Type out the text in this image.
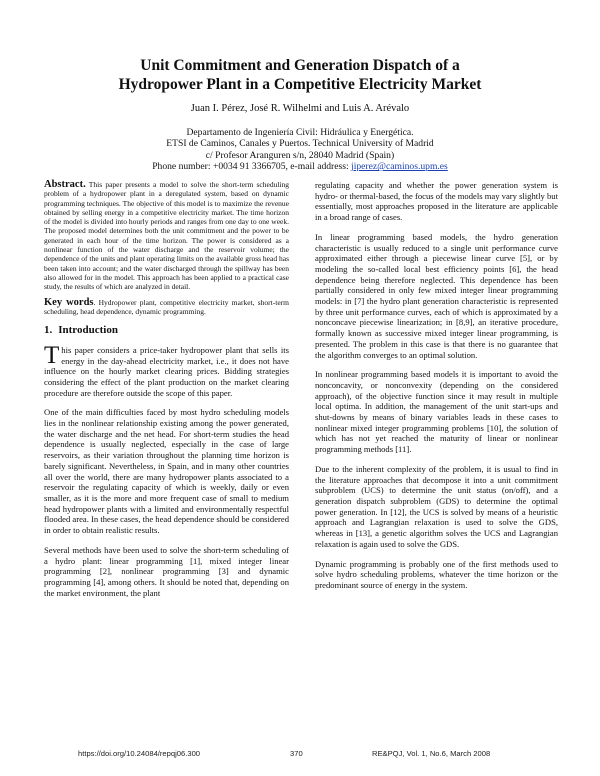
Unit Commitment and Generation Dispatch of a
Hydropower Plant in a Competitive Electricity Market
Juan I. Pérez, José R. Wilhelmi and Luis A. Arévalo
Departamento de Ingeniería Civil: Hidráulica y Energética.
ETSI de Caminos, Canales y Puertos. Technical University of Madrid
c/ Profesor Aranguren s/n, 28040 Madrid (Spain)
Phone number: +0034 91 3366705, e-mail address: jiperez@caminos.upm.es

Abstract. This paper presents a model to solve the short-term scheduling problem of a hydropower plant in a deregulated system, based on dynamic programming techniques. The objective of this model is to maximize the revenue obtained by selling energy in a competitive electricity market. The time horizon of the model is divided into hourly periods and ranges from one day to one week. The proposed model determines both the unit commitment and the power to be generated in each hour of the time horizon. The power is considered as a nonlinear function of the water discharge and the reservoir volume; the dependence of the units and plant operating limits on the available gross head has been taken into account; and the water discharged through the spillway has been also allowed for in the model. This approach has been applied to a practical case study, the results of which are analyzed in detail.

Key words. Hydropower plant, competitive electricity market, short-term scheduling, head dependence, dynamic programming.

1. Introduction

This paper considers a price-taker hydropower plant that sells its energy in the day-ahead electricity market, i.e., it does not have influence on the hourly market clearing prices. Bidding strategies considering the effect of the plant production on the market clearing procedure are therefore outside the scope of this paper.

One of the main difficulties faced by most hydro scheduling models lies in the nonlinear relationship existing among the power generated, the water discharge and the net head. For short-term studies the head dependence is usually neglected, especially in the case of large reservoirs, as their variation throughout the planning time horizon is barely significant. Nevertheless, in Spain, and in many other countries all over the world, there are many hydropower plants associated to a reservoir the regulating capacity of which is weekly, daily or even smaller, as it is the more and more frequent case of small to medium head hydropower plants with a limited and environmentally respectful flooded area. In these cases, the head dependence should be considered in order to obtain realistic results.

Several methods have been used to solve the short-term scheduling of a hydro plant: linear programming [1], mixed integer linear programming [2], nonlinear programming [3] and dynamic programming [4], among others. It should be noted that, depending on the market environment, the plant

regulating capacity and whether the power generation system is hydro- or thermal-based, the focus of the models may vary slightly but essentially, most approaches proposed in the literature are applicable in a broad range of cases.

In linear programming based models, the hydro generation characteristic is usually reduced to a single unit performance curve approximated either through a piecewise linear curve [5], or by modeling the so-called local best efficiency points [6], the head dependence being therefore neglected. This dependence has been partially considered in only few mixed integer linear programming models: in [7] the hydro plant generation characteristic is represented by three unit performance curves, each of which is approximated by a nonconcave piecewise linearization; in [8,9], an iterative procedure, formally known as successive mixed integer linear programming, is presented. The problem in this case is that there is no guarantee that the algorithm converges to an optimal solution.

In nonlinear programming based models it is important to avoid the nonconcavity, or nonconvexity (depending on the considered approach), of the objective function since it may result in multiple local optima. In addition, the management of the unit start-ups and shut-downs by means of binary variables leads in these cases to nonlinear mixed integer programming problems [10], the solution of which has not yet reached the maturity of linear or nonlinear programming methods [11].

Due to the inherent complexity of the problem, it is usual to find in the literature approaches that decompose it into a unit commitment subproblem (UCS) to determine the unit status (on/off), and a generation dispatch subproblem (GDS) to determine the optimal power generation. In [12], the UCS is solved by means of a heuristic approach and Lagrangian relaxation is used to solve the GDS, whereas in [13], a genetic algorithm solves the UCS and Lagrangian relaxation is again used to solve the GDS.

Dynamic programming is probably one of the first methods used to solve hydro scheduling problems, whatever the time horizon or the predominant source of energy in the system.

https://doi.org/10.24084/repqj06.300	370	RE&PQJ, Vol. 1, No.6, March 2008
